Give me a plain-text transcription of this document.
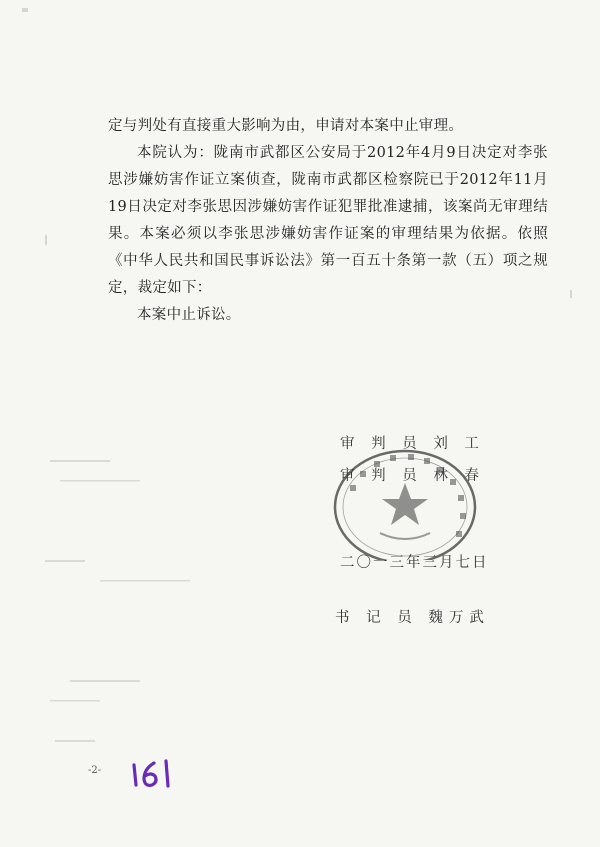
定与判处有直接重大影响为由，申请对本案中止审理。

本院认为：陇南市武都区公安局于2012年4月9日决定对李张思涉嫌妨害作证立案侦查，陇南市武都区检察院已于2012年11月19日决定对李张思因涉嫌妨害作证犯罪批准逮捕，该案尚无审理结果。本案必须以李张思涉嫌妨害作证案的审理结果为依据。依照《中华人民共和国民事诉讼法》第一百五十条第一款（五）项之规定，裁定如下：

本案中止诉讼。

审 判 员 刘 工
审 判 员 林 春
二〇一三年三月七日
书 记 员 魏万武
-2-
